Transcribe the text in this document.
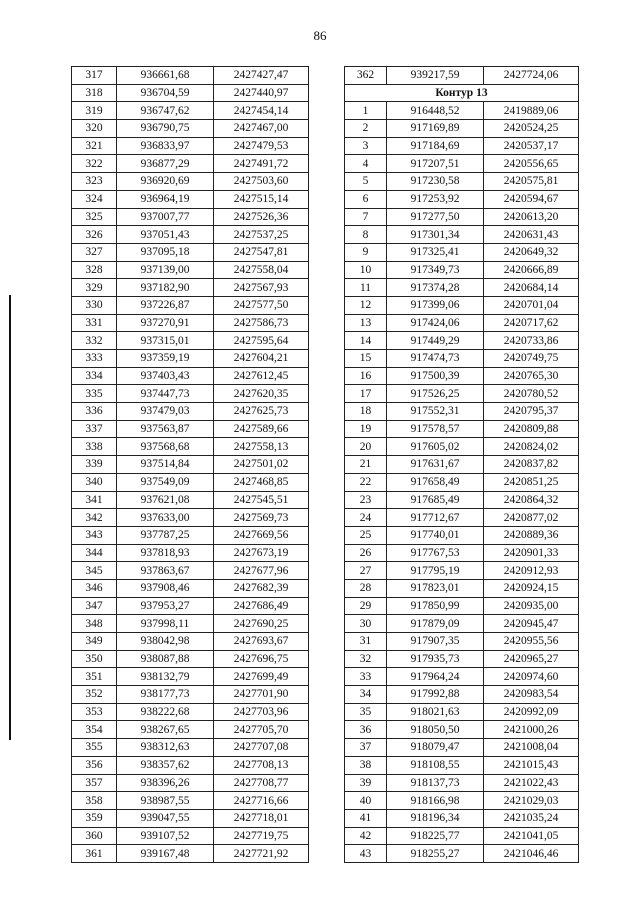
86
317	936661,68	2427427,47
318	936704,59	2427440,97
319	936747,62	2427454,14
320	936790,75	2427467,00
321	936833,97	2427479,53
322	936877,29	2427491,72
323	936920,69	2427503,60
324	936964,19	2427515,14
325	937007,77	2427526,36
326	937051,43	2427537,25
327	937095,18	2427547,81
328	937139,00	2427558,04
329	937182,90	2427567,93
330	937226,87	2427577,50
331	937270,91	2427586,73
332	937315,01	2427595,64
333	937359,19	2427604,21
334	937403,43	2427612,45
335	937447,73	2427620,35
336	937479,03	2427625,73
337	937563,87	2427589,66
338	937568,68	2427558,13
339	937514,84	2427501,02
340	937549,09	2427468,85
341	937621,08	2427545,51
342	937633,00	2427569,73
343	937787,25	2427669,56
344	937818,93	2427673,19
345	937863,67	2427677,96
346	937908,46	2427682,39
347	937953,27	2427686,49
348	937998,11	2427690,25
349	938042,98	2427693,67
350	938087,88	2427696,75
351	938132,79	2427699,49
352	938177,73	2427701,90
353	938222,68	2427703,96
354	938267,65	2427705,70
355	938312,63	2427707,08
356	938357,62	2427708,13
357	938396,26	2427708,77
358	938987,55	2427716,66
359	939047,55	2427718,01
360	939107,52	2427719,75
361	939167,48	2427721,92
362	939217,59	2427724,06
Контур 13		
1	916448,52	2419889,06
2	917169,89	2420524,25
3	917184,69	2420537,17
4	917207,51	2420556,65
5	917230,58	2420575,81
6	917253,92	2420594,67
7	917277,50	2420613,20
8	917301,34	2420631,43
9	917325,41	2420649,32
10	917349,73	2420666,89
11	917374,28	2420684,14
12	917399,06	2420701,04
13	917424,06	2420717,62
14	917449,29	2420733,86
15	917474,73	2420749,75
16	917500,39	2420765,30
17	917526,25	2420780,52
18	917552,31	2420795,37
19	917578,57	2420809,88
20	917605,02	2420824,02
21	917631,67	2420837,82
22	917658,49	2420851,25
23	917685,49	2420864,32
24	917712,67	2420877,02
25	917740,01	2420889,36
26	917767,53	2420901,33
27	917795,19	2420912,93
28	917823,01	2420924,15
29	917850,99	2420935,00
30	917879,09	2420945,47
31	917907,35	2420955,56
32	917935,73	2420965,27
33	917964,24	2420974,60
34	917992,88	2420983,54
35	918021,63	2420992,09
36	918050,50	2421000,26
37	918079,47	2421008,04
38	918108,55	2421015,43
39	918137,73	2421022,43
40	918166,98	2421029,03
41	918196,34	2421035,24
42	918225,77	2421041,05
43	918255,27	2421046,46
